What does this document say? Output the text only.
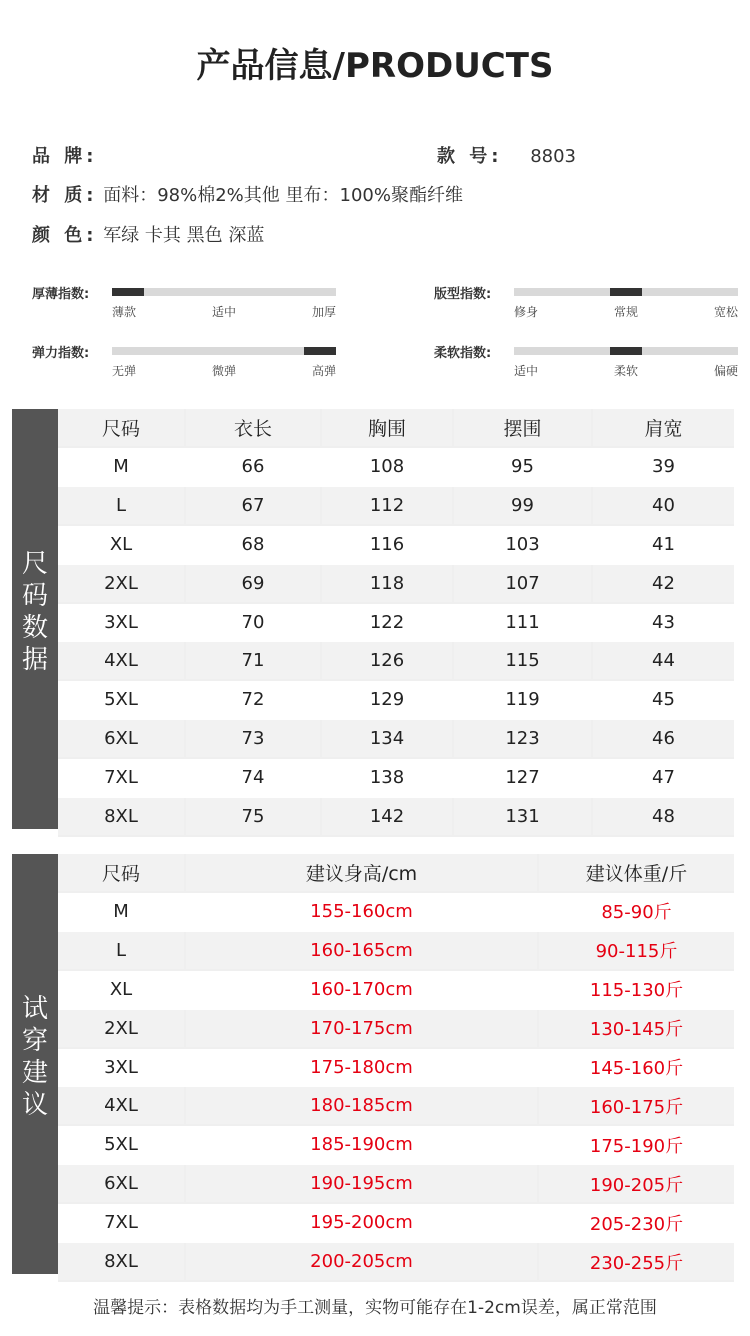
产品信息/PRODUCTS
品 牌:	款 号: 8803
材 质: 面料：98%棉2%其他 里布：100%聚酯纤维
颜 色: 军绿 卡其 黑色 深蓝
厚薄指数:
薄款	适中	加厚
版型指数:
修身	常规	宽松
弹力指数:
无弹	微弹	高弹
柔软指数:
适中	柔软	偏硬
尺
码
数
据
尺码	衣长	胸围	摆围	肩宽
M	66	108	95	39
L	67	112	99	40
XL	68	116	103	41
2XL	69	118	107	42
3XL	70	122	111	43
4XL	71	126	115	44
5XL	72	129	119	45
6XL	73	134	123	46
7XL	74	138	127	47
8XL	75	142	131	48
试
穿
建
议
尺码	建议身高/cm	建议体重/斤
M	155-160cm	85-90斤
L	160-165cm	90-115斤
XL	160-170cm	115-130斤
2XL	170-175cm	130-145斤
3XL	175-180cm	145-160斤
4XL	180-185cm	160-175斤
5XL	185-190cm	175-190斤
6XL	190-195cm	190-205斤
7XL	195-200cm	205-230斤
8XL	200-205cm	230-255斤
温馨提示：表格数据均为手工测量，实物可能存在1-2cm误差，属正常范围
